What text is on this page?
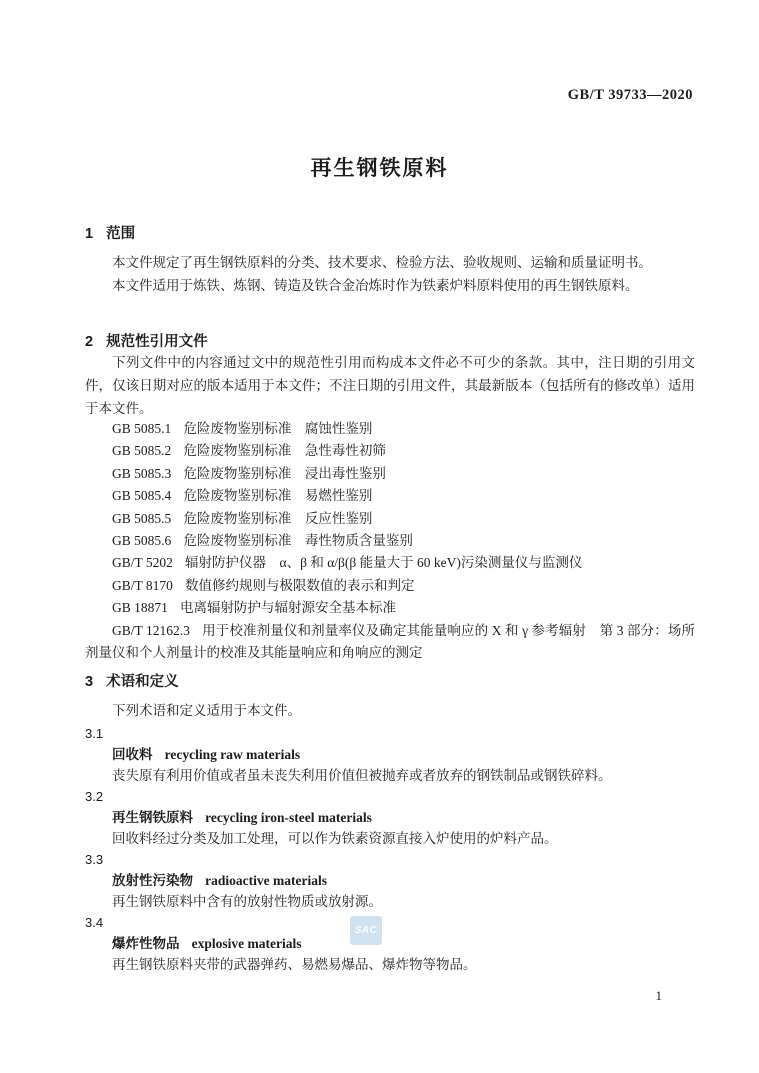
GB/T 39733—2020
再生钢铁原料
1 范围

本文件规定了再生钢铁原料的分类、技术要求、检验方法、验收规则、运输和质量证明书。

本文件适用于炼铁、炼钢、铸造及铁合金冶炼时作为铁素炉料原料使用的再生钢铁原料。

2 规范性引用文件

下列文件中的内容通过文中的规范性引用而构成本文件必不可少的条款。其中，注日期的引用文件，仅该日期对应的版本适用于本文件；不注日期的引用文件，其最新版本（包括所有的修改单）适用于本文件。

GB 5085.1 危险废物鉴别标准　腐蚀性鉴别
GB 5085.2 危险废物鉴别标准　急性毒性初筛
GB 5085.3 危险废物鉴别标准　浸出毒性鉴别
GB 5085.4 危险废物鉴别标准　易燃性鉴别
GB 5085.5 危险废物鉴别标准　反应性鉴别
GB 5085.6 危险废物鉴别标准　毒性物质含量鉴别
GB/T 5202 辐射防护仪器　α、β 和 α/β(β 能量大于 60 keV)污染测量仪与监测仪
GB/T 8170 数值修约规则与极限数值的表示和判定
GB 18871 电离辐射防护与辐射源安全基本标准
GB/T 12162.3 用于校准剂量仪和剂量率仪及确定其能量响应的 X 和 γ 参考辐射　第 3 部分：场所剂量仪和个人剂量计的校准及其能量响应和角响应的测定
3 术语和定义

下列术语和定义适用于本文件。

3.1
回收料 recycling raw materials
丧失原有利用价值或者虽未丧失利用价值但被抛弃或者放弃的钢铁制品或钢铁碎料。
3.2
再生钢铁原料 recycling iron-steel materials
回收料经过分类及加工处理，可以作为铁素资源直接入炉使用的炉料产品。
3.3
放射性污染物 radioactive materials
再生钢铁原料中含有的放射性物质或放射源。
3.4
爆炸性物品 explosive materials
再生钢铁原料夹带的武器弹药、易燃易爆品、爆炸物等物品。
SAC
1
